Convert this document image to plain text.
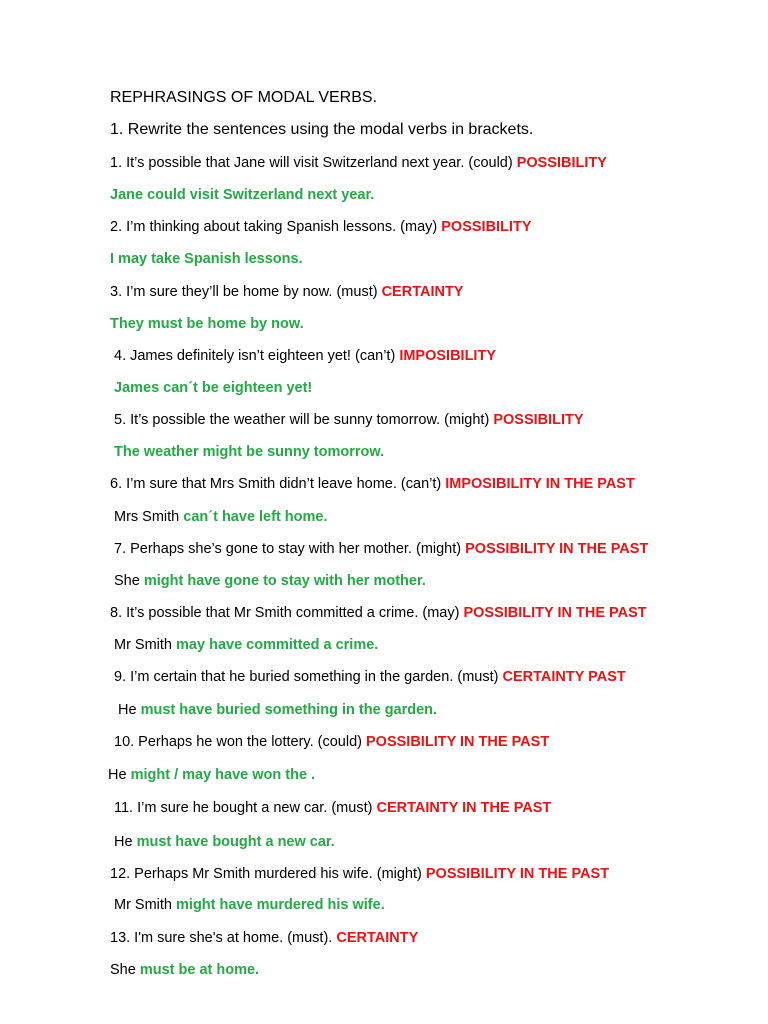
REPHRASINGS OF MODAL VERBS.
1. Rewrite the sentences using the modal verbs in brackets.
1. It’s possible that Jane will visit Switzerland next year. (could) POSSIBILITY
Jane could visit Switzerland next year.
2. I’m thinking about taking Spanish lessons. (may) POSSIBILITY
I may take Spanish lessons.
3. I’m sure they’ll be home by now. (must) CERTAINTY
They must be home by now.
4. James definitely isn’t eighteen yet! (can’t) IMPOSIBILITY
James can´t be eighteen yet!
5. It’s possible the weather will be sunny tomorrow. (might) POSSIBILITY
The weather might be sunny tomorrow.
6. I’m sure that Mrs Smith didn’t leave home. (can’t) IMPOSIBILITY IN THE PAST
Mrs Smith can´t have left home.
7. Perhaps she’s gone to stay with her mother. (might) POSSIBILITY IN THE PAST
She might have gone to stay with her mother.
8. It’s possible that Mr Smith committed a crime. (may) POSSIBILITY IN THE PAST
Mr Smith may have committed a crime.
9. I’m certain that he buried something in the garden. (must) CERTAINTY PAST
He must have buried something in the garden.
10. Perhaps he won the lottery. (could) POSSIBILITY IN THE PAST
He might / may have won the .
11. I’m sure he bought a new car. (must) CERTAINTY IN THE PAST
He must have bought a new car.
12. Perhaps Mr Smith murdered his wife. (might) POSSIBILITY IN THE PAST
Mr Smith might have murdered his wife.
13. I'm sure she's at home. (must). CERTAINTY
She must be at home.
